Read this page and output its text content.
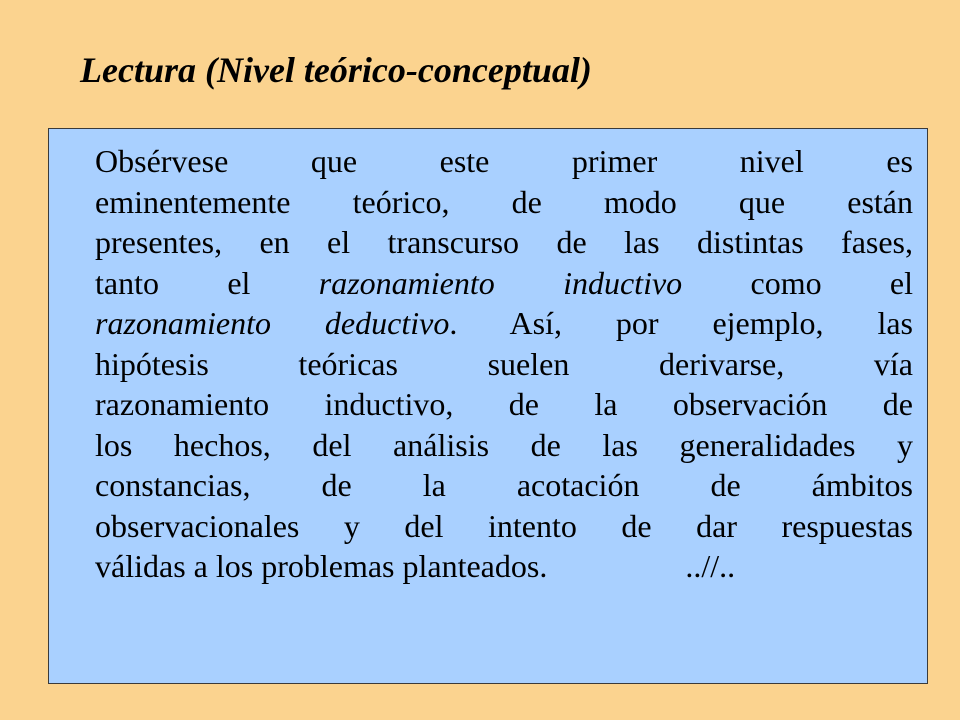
Lectura (Nivel teórico-conceptual)

Obsérvese que este primer nivel es
eminentemente teórico, de modo que están
presentes, en el transcurso de las distintas fases,
tanto el razonamiento inductivo como el
razonamiento deductivo. Así, por ejemplo, las
hipótesis teóricas suelen derivarse, vía
razonamiento inductivo, de la observación de
los hechos, del análisis de las generalidades y
constancias, de la acotación de ámbitos
observacionales y del intento de dar respuestas
válidas a los problemas planteados.	..//..
